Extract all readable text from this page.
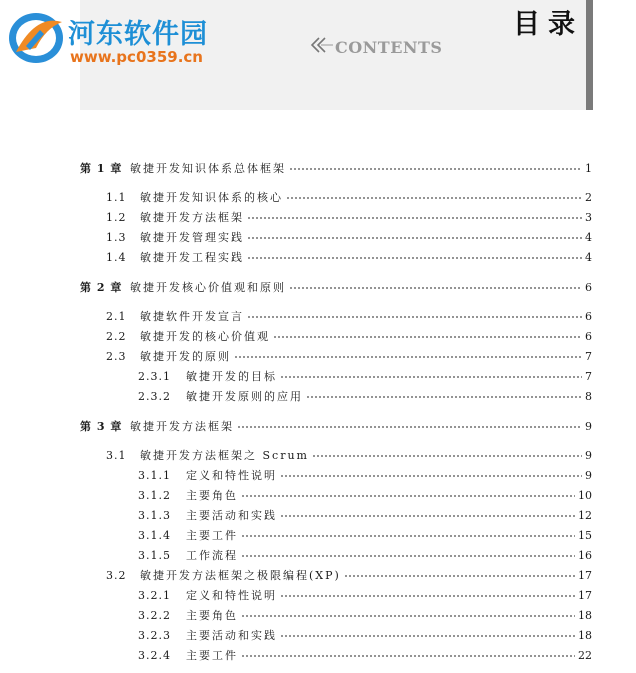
河东软件园
www.pc0359.cn
目录
CONTENTS
第 1 章 敏捷开发知识体系总体框架	1
1.1	敏捷开发知识体系的核心	2
1.2	敏捷开发方法框架	3
1.3	敏捷开发管理实践	4
1.4	敏捷开发工程实践	4
第 2 章 敏捷开发核心价值观和原则	6
2.1	敏捷软件开发宣言	6
2.2	敏捷开发的核心价值观	6
2.3	敏捷开发的原则	7
2.3.1	敏捷开发的目标	7
2.3.2	敏捷开发原则的应用	8
第 3 章 敏捷开发方法框架	9
3.1	敏捷开发方法框架之 Scrum	9
3.1.1	定义和特性说明	9
3.1.2	主要角色	10
3.1.3	主要活动和实践	12
3.1.4	主要工件	15
3.1.5	工作流程	16
3.2	敏捷开发方法框架之极限编程(XP)	17
3.2.1	定义和特性说明	17
3.2.2	主要角色	18
3.2.3	主要活动和实践	18
3.2.4	主要工件	22
